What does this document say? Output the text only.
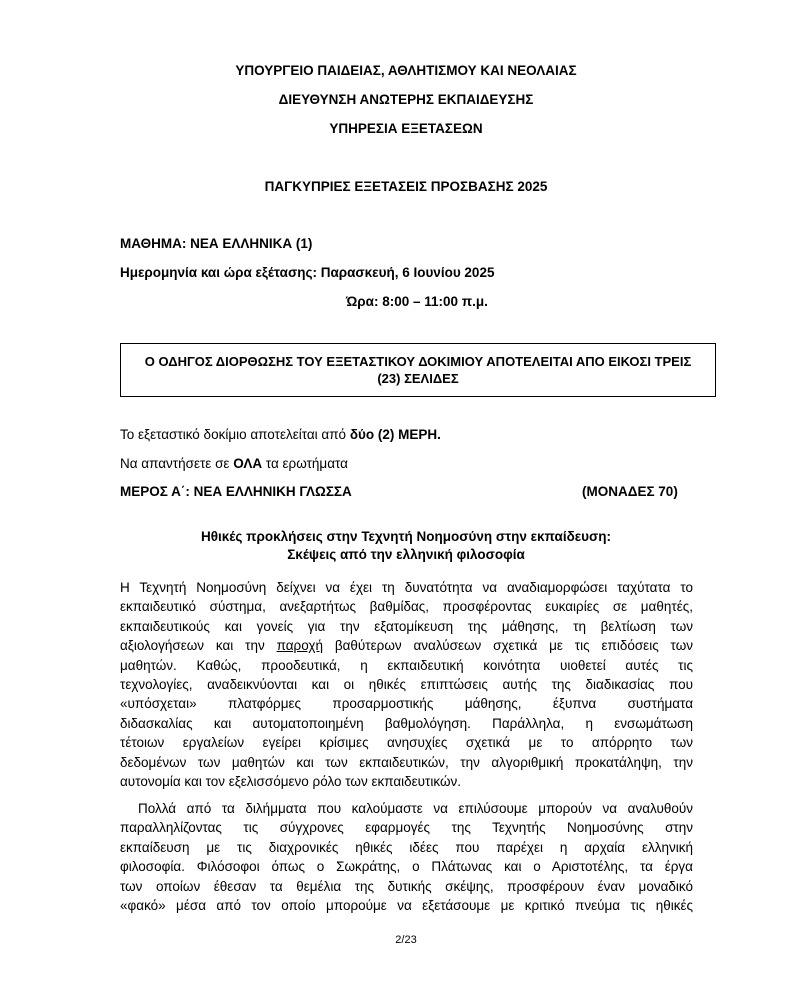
ΥΠΟΥΡΓΕΙΟ ΠΑΙΔΕΙΑΣ, ΑΘΛΗΤΙΣΜΟΥ ΚΑΙ ΝΕΟΛΑΙΑΣ
ΔΙΕΥΘΥΝΣΗ ΑΝΩΤΕΡΗΣ ΕΚΠΑΙΔΕΥΣΗΣ
ΥΠΗΡΕΣΙΑ ΕΞΕΤΑΣΕΩΝ
ΠΑΓΚΥΠΡΙΕΣ ΕΞΕΤΑΣΕΙΣ ΠΡΟΣΒΑΣΗΣ 2025
ΜΑΘΗΜΑ: ΝΕΑ ΕΛΛΗΝΙΚΑ (1)
Ημερομηνία και ώρα εξέτασης: Παρασκευή, 6 Ιουνίου 2025
Ώρα: 8:00 – 11:00 π.μ.
Ο ΟΔΗΓΟΣ ΔΙΟΡΘΩΣΗΣ ΤΟΥ ΕΞΕΤΑΣΤΙΚΟΥ ΔΟΚΙΜΙΟΥ ΑΠΟΤΕΛΕΙΤΑΙ ΑΠΟ ΕΙΚΟΣΙ ΤΡΕΙΣ (23) ΣΕΛΙΔΕΣ
Το εξεταστικό δοκίμιο αποτελείται από δύο (2) ΜΕΡΗ.
Να απαντήσετε σε ΟΛΑ τα ερωτήματα
ΜΕΡΟΣ Α΄: ΝΕΑ ΕΛΛΗΝΙΚΗ ΓΛΩΣΣΑ	(ΜΟΝΑΔΕΣ 70)
Ηθικές προκλήσεις στην Τεχνητή Νοημοσύνη στην εκπαίδευση:
Σκέψεις από την ελληνική φιλοσοφία
Η Τεχνητή Νοημοσύνη δείχνει να έχει τη δυνατότητα να αναδιαμορφώσει ταχύτατα το
εκπαιδευτικό σύστημα, ανεξαρτήτως βαθμίδας, προσφέροντας ευκαιρίες σε μαθητές,
εκπαιδευτικούς και γονείς για την εξατομίκευση της μάθησης, τη βελτίωση των
αξιολογήσεων και την παροχή βαθύτερων αναλύσεων σχετικά με τις επιδόσεις των
μαθητών. Καθώς, προοδευτικά, η εκπαιδευτική κοινότητα υιοθετεί αυτές τις
τεχνολογίες, αναδεικνύονται και οι ηθικές επιπτώσεις αυτής της διαδικασίας που
«υπόσχεται» πλατφόρμες προσαρμοστικής μάθησης, έξυπνα συστήματα
διδασκαλίας και αυτοματοποιημένη βαθμολόγηση. Παράλληλα, η ενσωμάτωση
τέτοιων εργαλείων εγείρει κρίσιμες ανησυχίες σχετικά με το απόρρητο των
δεδομένων των μαθητών και των εκπαιδευτικών, την αλγοριθμική προκατάληψη, την
αυτονομία και τον εξελισσόμενο ρόλο των εκπαιδευτικών.
Πολλά από τα διλήμματα που καλούμαστε να επιλύσουμε μπορούν να αναλυθούν
παραλληλίζοντας τις σύγχρονες εφαρμογές της Τεχνητής Νοημοσύνης στην
εκπαίδευση με τις διαχρονικές ηθικές ιδέες που παρέχει η αρχαία ελληνική
φιλοσοφία. Φιλόσοφοι όπως ο Σωκράτης, ο Πλάτωνας και ο Αριστοτέλης, τα έργα
των οποίων έθεσαν τα θεμέλια της δυτικής σκέψης, προσφέρουν έναν μοναδικό
«φακό» μέσα από τον οποίο μπορούμε να εξετάσουμε με κριτικό πνεύμα τις ηθικές
2/23
